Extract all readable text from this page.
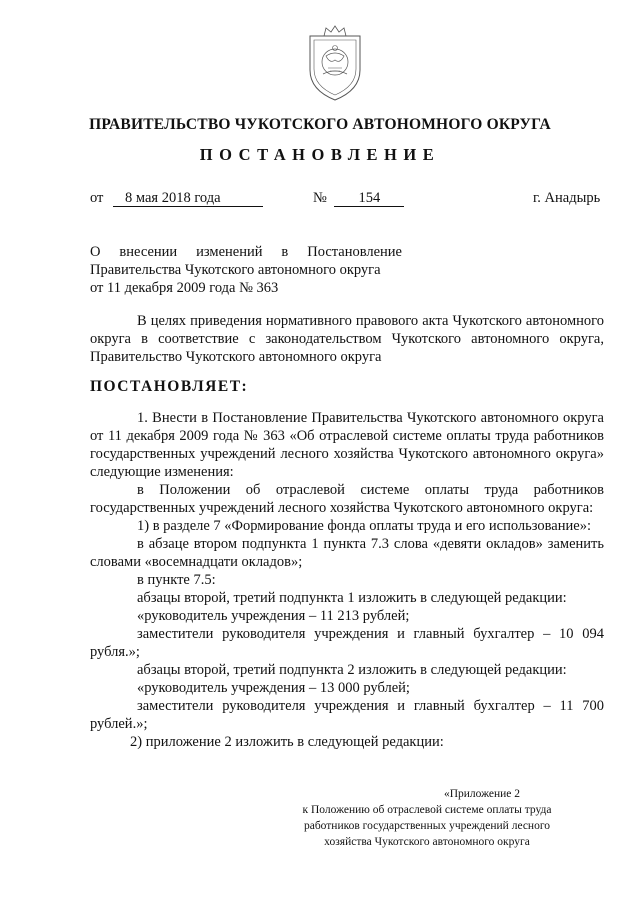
ПРАВИТЕЛЬСТВО ЧУКОТСКОГО АВТОНОМНОГО ОКРУГА
ПОСТАНОВЛЕНИЕ
от 8 мая 2018 года	№ 154	г. Анадырь
О внесении изменений в Постановление
Правительства Чукотского автономного округа
от 11 декабря 2009 года № 363
В целях приведения нормативного правового акта Чукотского автономного округа в соответствие с законодательством Чукотского автономного округа, Правительство Чукотского автономного округа
ПОСТАНОВЛЯЕТ:

1. Внести в Постановление Правительства Чукотского автономного округа от 11 декабря 2009 года № 363 «Об отраслевой системе оплаты труда работников государственных учреждений лесного хозяйства Чукотского автономного округа» следующие изменения:

в Положении об отраслевой системе оплаты труда работников государственных учреждений лесного хозяйства Чукотского автономного округа:

1) в разделе 7 «Формирование фонда оплаты труда и его использование»:

в абзаце втором подпункта 1 пункта 7.3 слова «девяти окладов» заменить словами «восемнадцати окладов»;

в пункте 7.5:

абзацы второй, третий подпункта 1 изложить в следующей редакции:

«руководитель учреждения – 11 213 рублей;

заместители руководителя учреждения и главный бухгалтер – 10 094 рубля.»;

абзацы второй, третий подпункта 2 изложить в следующей редакции:

«руководитель учреждения – 13 000 рублей;

заместители руководителя учреждения и главный бухгалтер – 11 700 рублей.»;

2) приложение 2 изложить в следующей редакции:

«Приложение 2
к Положению об отраслевой системе оплаты труда
работников государственных учреждений лесного
хозяйства Чукотского автономного округа
